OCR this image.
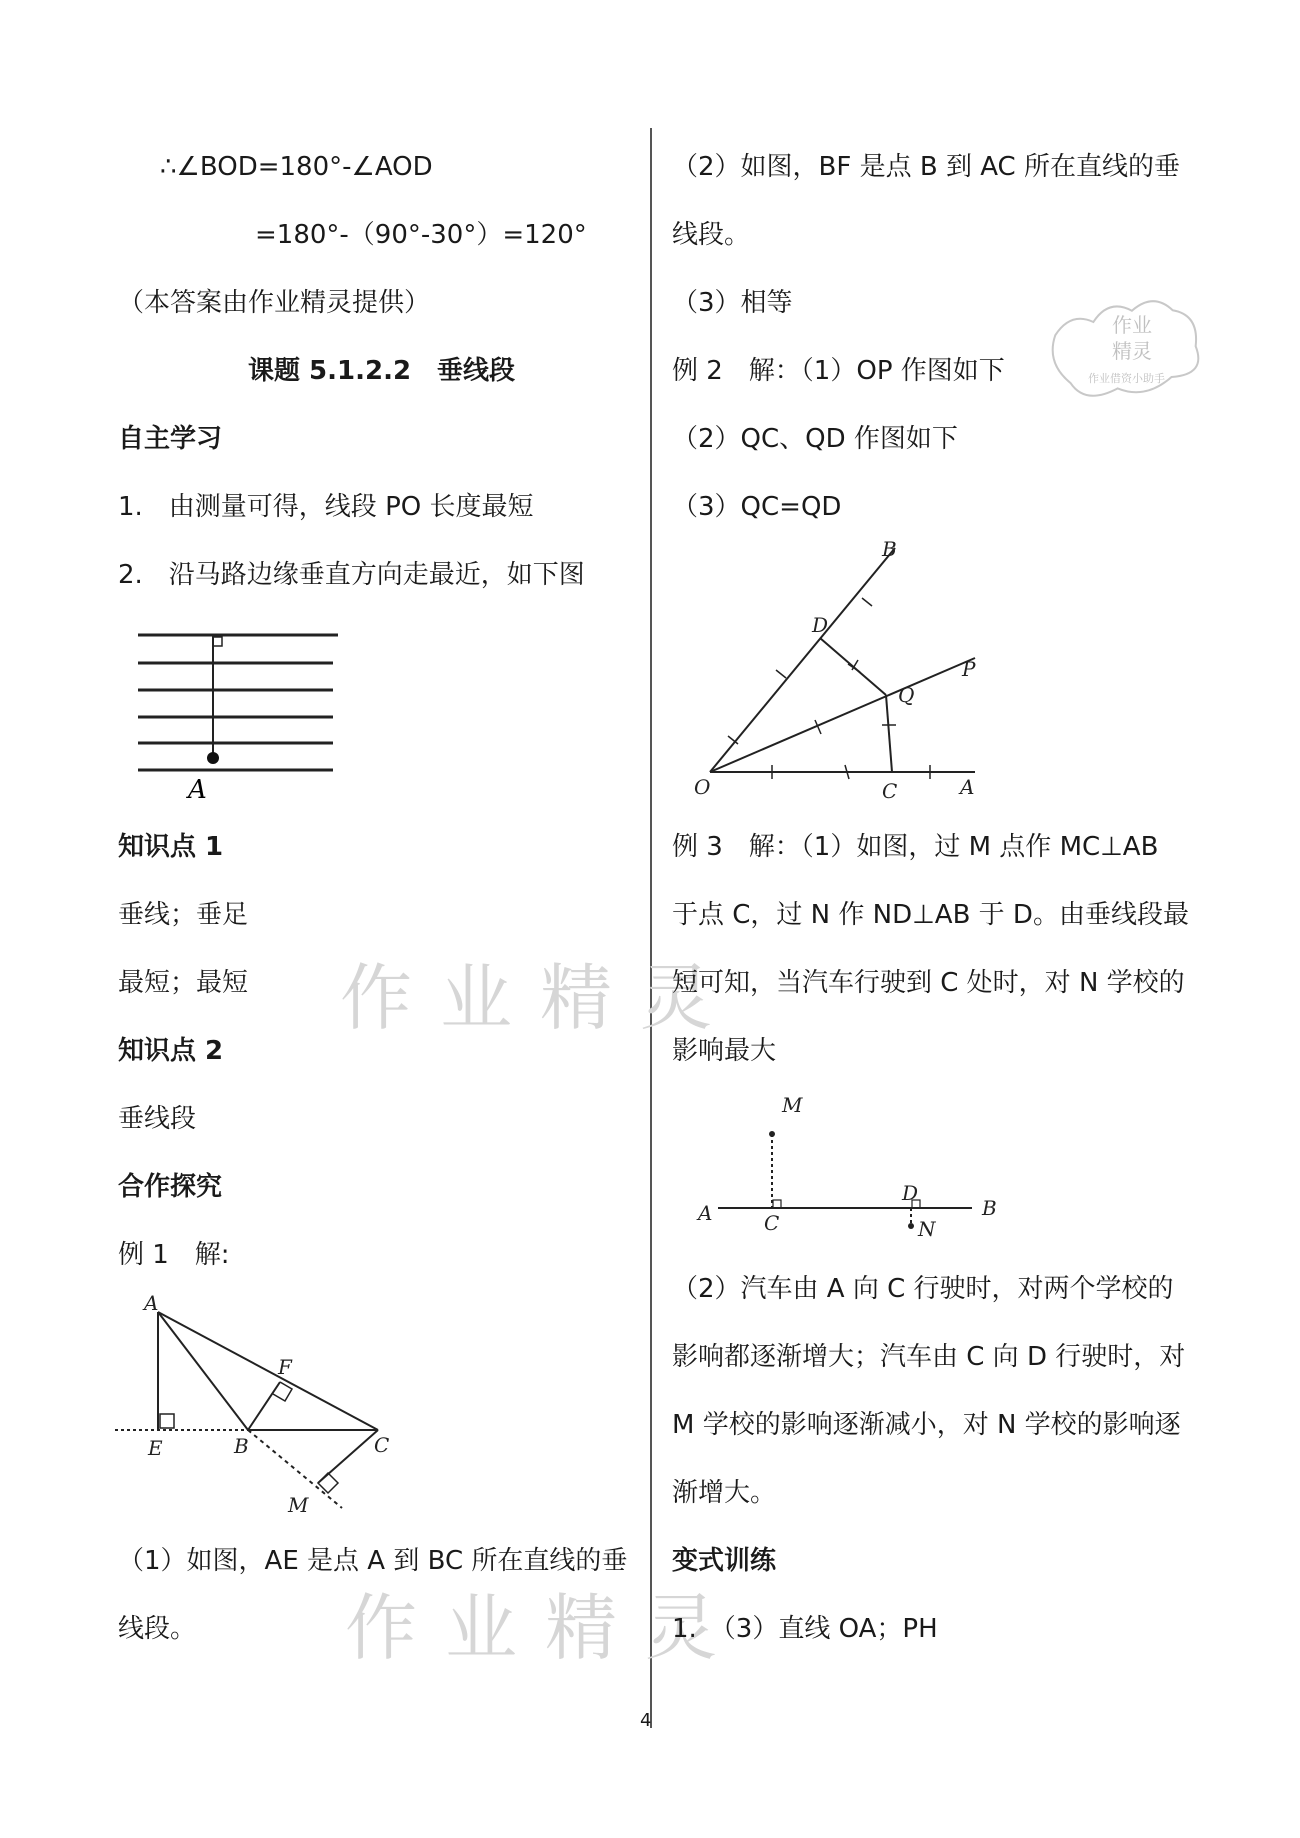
作业精灵
作业精灵
作业
精灵
作业借资小助手
∴∠BOD=180°-∠AOD
=180°-（90°-30°）=120°
（本答案由作业精灵提供）
课题 5.1.2.2　垂线段
自主学习
1.　由测量可得，线段 PO 长度最短
2.　沿马路边缘垂直方向走最近，如下图
A
知识点 1
垂线；垂足
最短；最短
知识点 2
垂线段
合作探究
例 1　解:
A
F
E	B	C
M
（1）如图，AE 是点 A 到 BC 所在直线的垂
线段。
（2）如图，BF 是点 B 到 AC 所在直线的垂
线段。
（3）相等
例 2　解：（1）OP 作图如下
（2）QC、QD 作图如下
（3）QC=QD
B
D
P
Q
O	C	A
例 3　解：（1）如图，过 M 点作 MC⊥AB
于点 C，过 N 作 ND⊥AB 于 D。由垂线段最
短可知，当汽车行驶到 C 处时，对 N 学校的
影响最大
M
A	C
D
B
N
（2）汽车由 A 向 C 行驶时，对两个学校的
影响都逐渐增大；汽车由 C 向 D 行驶时，对
M 学校的影响逐渐减小，对 N 学校的影响逐
渐增大。
变式训练
1.　（3）直线 OA；PH
4
